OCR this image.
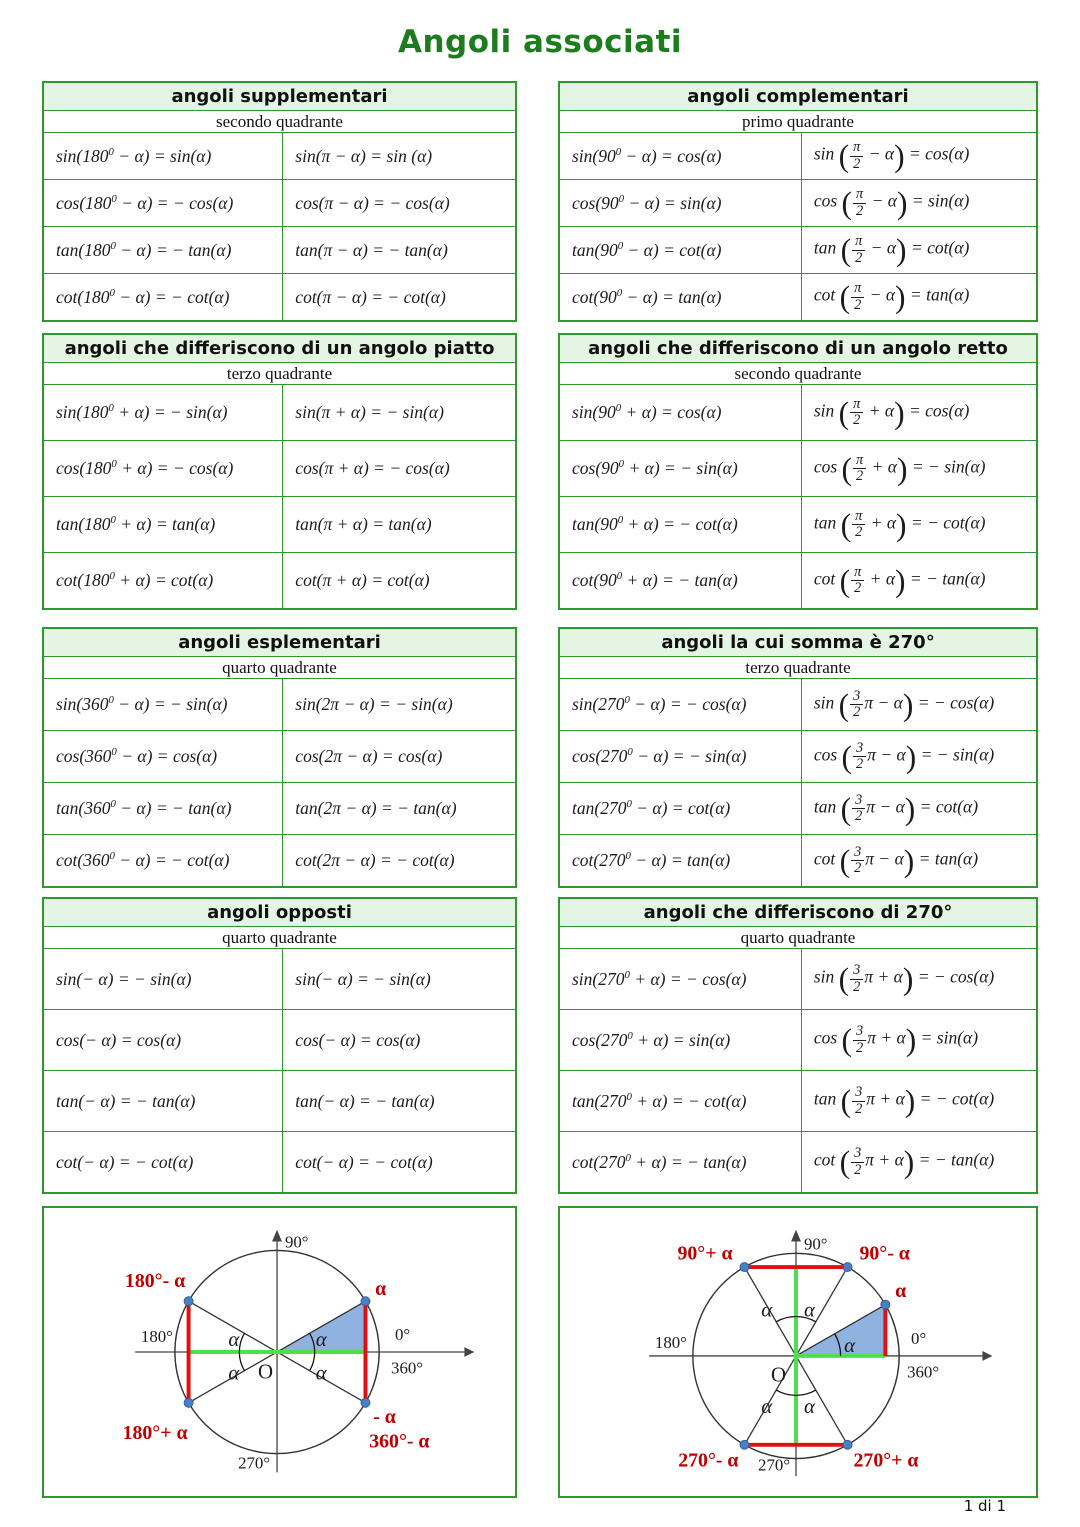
Angoli associati
angoli supplementari	
secondo quadrante	
$\sin(180^0 - \alpha) = \sin(\alpha)$	sin(π − α) = sin (α)
$\cos(180^0 - \alpha)$ = − cos(α)	cos(π − α) = − cos(α)
$\tan(180^0 - \alpha)$ = − tan(α)	tan(π − α) = − tan(α)
$\cot(180^0 - \alpha)$ = − cot(α)	cot(π − α) = − cot(α)
angoli complementari	
primo quadrante	
$\sin(90^0 - \alpha) = \cos(\alpha)$	sin ( $\frac{\pi}{2} - \alpha) = \cos(\alpha)$
$\cos(90^0 - \alpha) = \sin(\alpha)$	cos ( $\frac{\pi}{2} - \alpha) = \sin(\alpha)$
$\tan(90^0 - \alpha) = \cot(\alpha)$	tan ( $\frac{\pi}{2} - \alpha) = \cot(\alpha)$
$\cot(90^0 - \alpha) = \tan(\alpha)$	cot ( $\frac{\pi}{2} - \alpha) = \tan(\alpha)$
angoli che differiscono di un angolo piatto	
terzo quadrante	
$\sin(180^0 + \alpha)$ = − sin(α)	sin(π + α) = − sin(α)
$\cos(180^0 + \alpha)$ = − cos(α)	cos(π + α) = − cos(α)
$\tan(180^0 + \alpha) = \tan(\alpha)$	tan(π + α) = tan(α)
$\cot(180^0 + \alpha) = \cot(\alpha)$	cot(π + α) = cot(α)
angoli che differiscono di un angolo retto	
secondo quadrante	
$\sin(90^0 + \alpha) = \cos(\alpha)$	sin ( $\frac{\pi}{2} + \alpha) = \cos(\alpha)$
$\cos(90^0 + \alpha)$ = − sin(α)	cos ( $\frac{\pi}{2} + \alpha$) = − sin(α)
$\tan(90^0 + \alpha)$ = − cot(α)	tan ( $\frac{\pi}{2} + \alpha$) = − cot(α)
$\cot(90^0 + \alpha)$ = − tan(α)	cot ( $\frac{\pi}{2} + \alpha$) = − tan(α)
angoli esplementari	
quarto quadrante	
$\sin(360^0 - \alpha)$ = − sin(α)	sin(2π − α) = − sin(α)
$\cos(360^0 - \alpha) = \cos(\alpha)$	cos(2π − α) = cos(α)
$\tan(360^0 - \alpha)$ = − tan(α)	tan(2π − α) = − tan(α)
$\cot(360^0 - \alpha)$ = − cot(α)	cot(2π − α) = − cot(α)
angoli la cui somma è 270°	
terzo quadrante	
$\sin(270^0 - \alpha)$ = − cos(α)	sin ( $\frac{3}{2}$ π − α) = − cos(α)
$\cos(270^0 - \alpha)$ = − sin(α)	cos ( $\frac{3}{2}$ π − α) = − sin(α)
$\tan(270^0 - \alpha) = \cot(\alpha)$	tan ( $\frac{3}{2}$ π − α) = cot(α)
$\cot(270^0 - \alpha) = \tan(\alpha)$	cot ( $\frac{3}{2}$ π − α) = tan(α)
angoli opposti	
quarto quadrante	
sin(− α) = − sin(α)	sin(− α) = − sin(α)
cos(− α) = cos(α)	cos(− α) = cos(α)
tan(− α) = − tan(α)	tan(− α) = − tan(α)
cot(− α) = − cot(α)	cot(− α) = − cot(α)
angoli che differiscono di 270°	
quarto quadrante	
$\sin(270^0 + \alpha)$ = − cos(α)	sin ( $\frac{3}{2}$ π + α) = − cos(α)
$\cos(270^0 + \alpha) = \sin(\alpha)$	cos ( $\frac{3}{2}$ π + α) = sin(α)
$\tan(270^0 + \alpha)$ = − cot(α)	tan ( $\frac{3}{2}$ π + α) = − cot(α)
$\cot(270^0 + \alpha)$ = − tan(α)	cot ( $\frac{3}{2}$ π + α) = − tan(α)
90°
180°	0°
360°
270°
O
α
α
α
α
180°- α	α
180°+ α
- α
360°- α
90°
180°	0°
360°
270°
O
α α
α α
α
90°+ α	90°- α
α
270°- α	270°+ α
1 di 1
